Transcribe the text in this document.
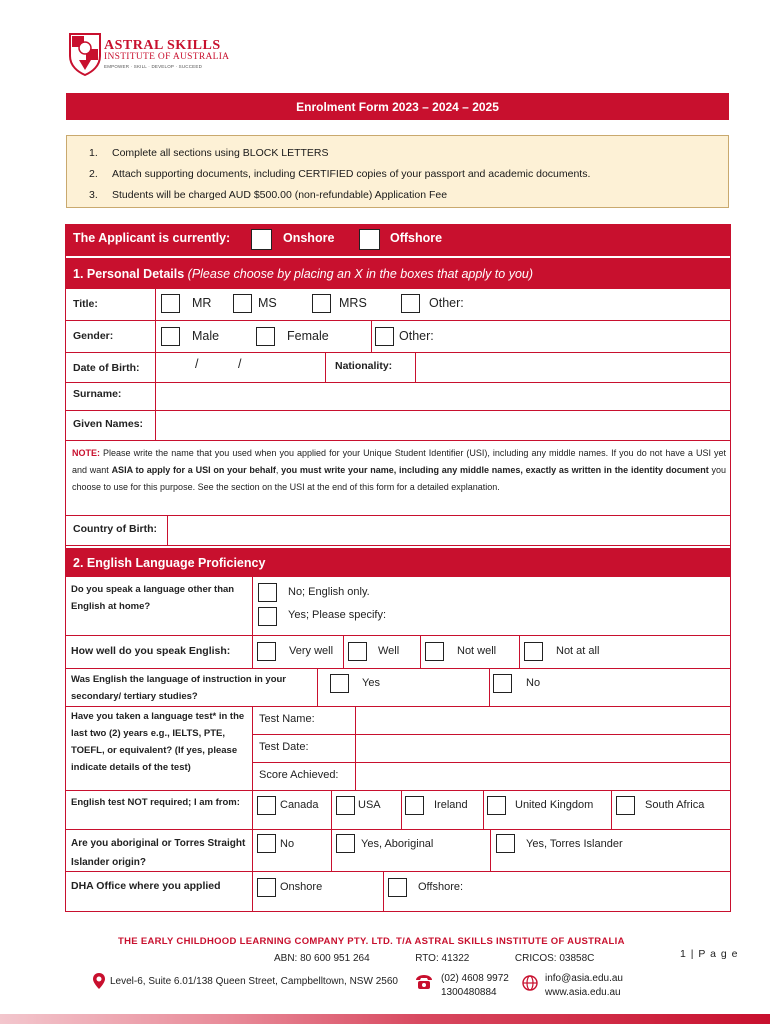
ASTRAL SKILLS
INSTITUTE OF AUSTRALIA
EMPOWER · SKILL · DEVELOP · SUCCEED
Enrolment Form 2023 – 2024 – 2025
1.	Complete all sections using BLOCK LETTERS
2.	Attach supporting documents, including CERTIFIED copies of your passport and academic documents.
3.	Students will be charged AUD $500.00 (non-refundable) Application Fee
The Applicant is currently:	Onshore	Offshore
1. Personal Details
(Please choose by placing an X in the boxes that apply to you)
Title:	MR	MS	MRS	Other:
Gender:	Male	Female	Other:
Date of Birth:	/	/	Nationality:
Surname:
Given Names:
NOTE: Please write the name that you used when you applied for your Unique Student Identifier (USI), including any middle names. If you do not have a USI yet and want ASIA to apply for a USI on your behalf, you must write your name, including any middle names, exactly as written in the identity document you choose to use for this purpose. See the section on the USI at the end of this form for a detailed explanation.
Country of Birth:
2. English Language Proficiency
Do you speak a language other than English at home?
No; English only.
Yes; Please specify:
How well do you speak English:	Very well	Well	Not well	Not at all
Was English the language of instruction in your secondary/ tertiary studies?
Yes	No
Have you taken a language test* in the last two (2) years e.g., IELTS, PTE, TOEFL, or equivalent? (If yes, please indicate details of the test)
Test Name:
Test Date:
Score Achieved:
English test NOT required; I am from:	Canada	USA	Ireland	United Kingdom	South Africa
Are you aboriginal or Torres Straight Islander origin?
No	Yes, Aboriginal	Yes, Torres Islander
DHA Office where you applied	Onshore	Offshore:
THE EARLY CHILDHOOD LEARNING COMPANY PTY. LTD. T/A ASTRAL SKILLS INSTITUTE OF AUSTRALIA
ABN: 80 600 951 264	RTO: 41322	CRICOS: 03858C	1 | P a g e
Level-6, Suite 6.01/138 Queen Street, Campbelltown, NSW 2560	(02) 4608 9972
1300480884
info@asia.edu.au
www.asia.edu.au
